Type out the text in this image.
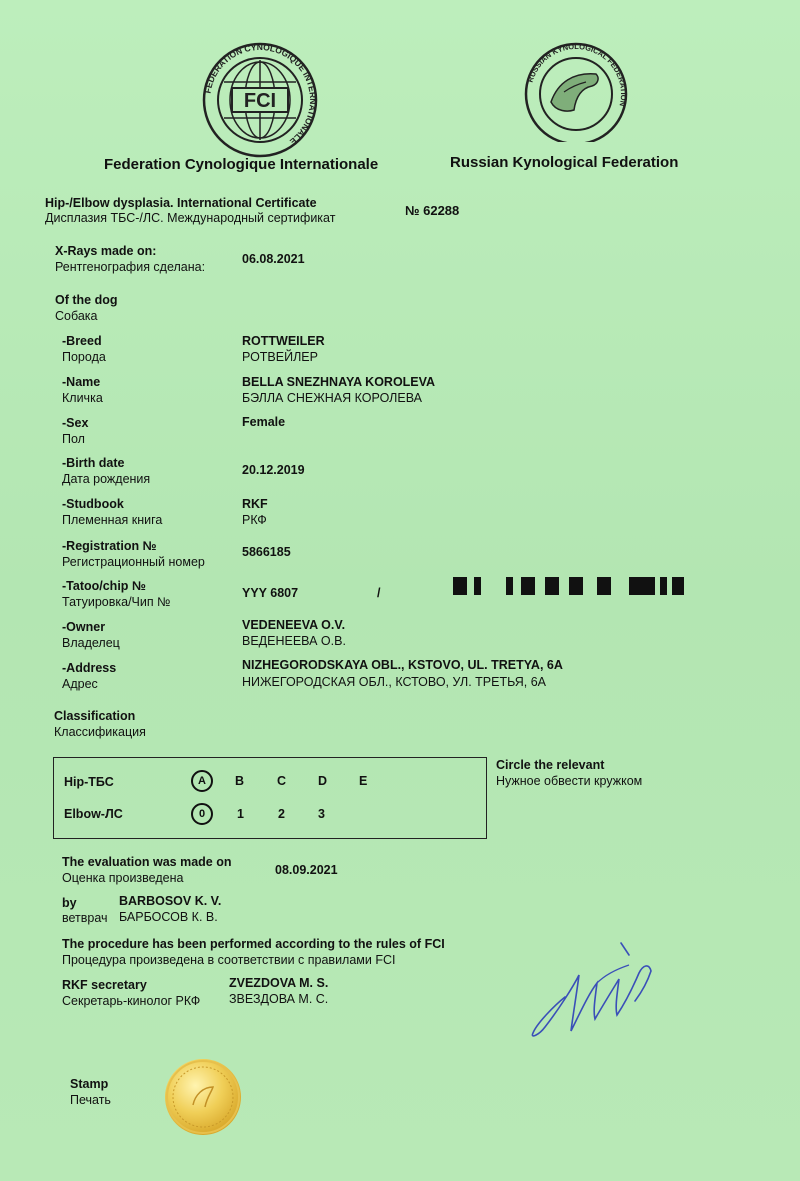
FEDERATION CYNOLOGIQUE INTERNATIONALE
FCI
RUSSIAN KYNOLOGICAL FEDERATION
Federation Cynologique Internationale	Russian Kynological Federation
Hip-/Elbow dysplasia. International Certificate
Дисплазия ТБС-/ЛС. Международный сертификат	№ 62288
X-Rays made on:
Рентгенография сделана:
06.08.2021
Of the dog
Собака
-Breed
Порода
ROTTWEILER
РОТВЕЙЛЕР
-Name
Кличка
BELLA SNEZHNAYA KOROLEVA
БЭЛЛА СНЕЖНАЯ КОРОЛЕВА
-Sex
Пол
Female
-Birth date
Дата рождения
20.12.2019
-Studbook
Племенная книга
RKF
РКФ
-Registration №
Регистрационный номер
5866185
-Tatoo/chip №
Татуировка/Чип №
YYY 6807	/
-Owner
Владелец
VEDENEEVA O.V.
ВЕДЕНЕЕВА О.В.
-Address
Адрес
NIZHEGORODSKAYA OBL., KSTOVO, UL. TRETYA, 6A
НИЖЕГОРОДСКАЯ ОБЛ., КСТОВО, УЛ. ТРЕТЬЯ, 6А
Classification
Классификация
Hip-ТБС	A	B	C	D	E
Elbow-ЛС	0	1	2	3
Circle the relevant
Нужное обвести кружком
The evaluation was made on
Оценка произведена
08.09.2021
by
ветврач
BARBOSOV K. V.
БАРБОСОВ К. В.
The procedure has been performed according to the rules of FCI
Процедура произведена в соответствии с правилами FCI
RKF secretary
Секретарь-кинолог РКФ
ZVEZDOVA M. S.
ЗВЕЗДОВА М. С.
Stamp
Печать
